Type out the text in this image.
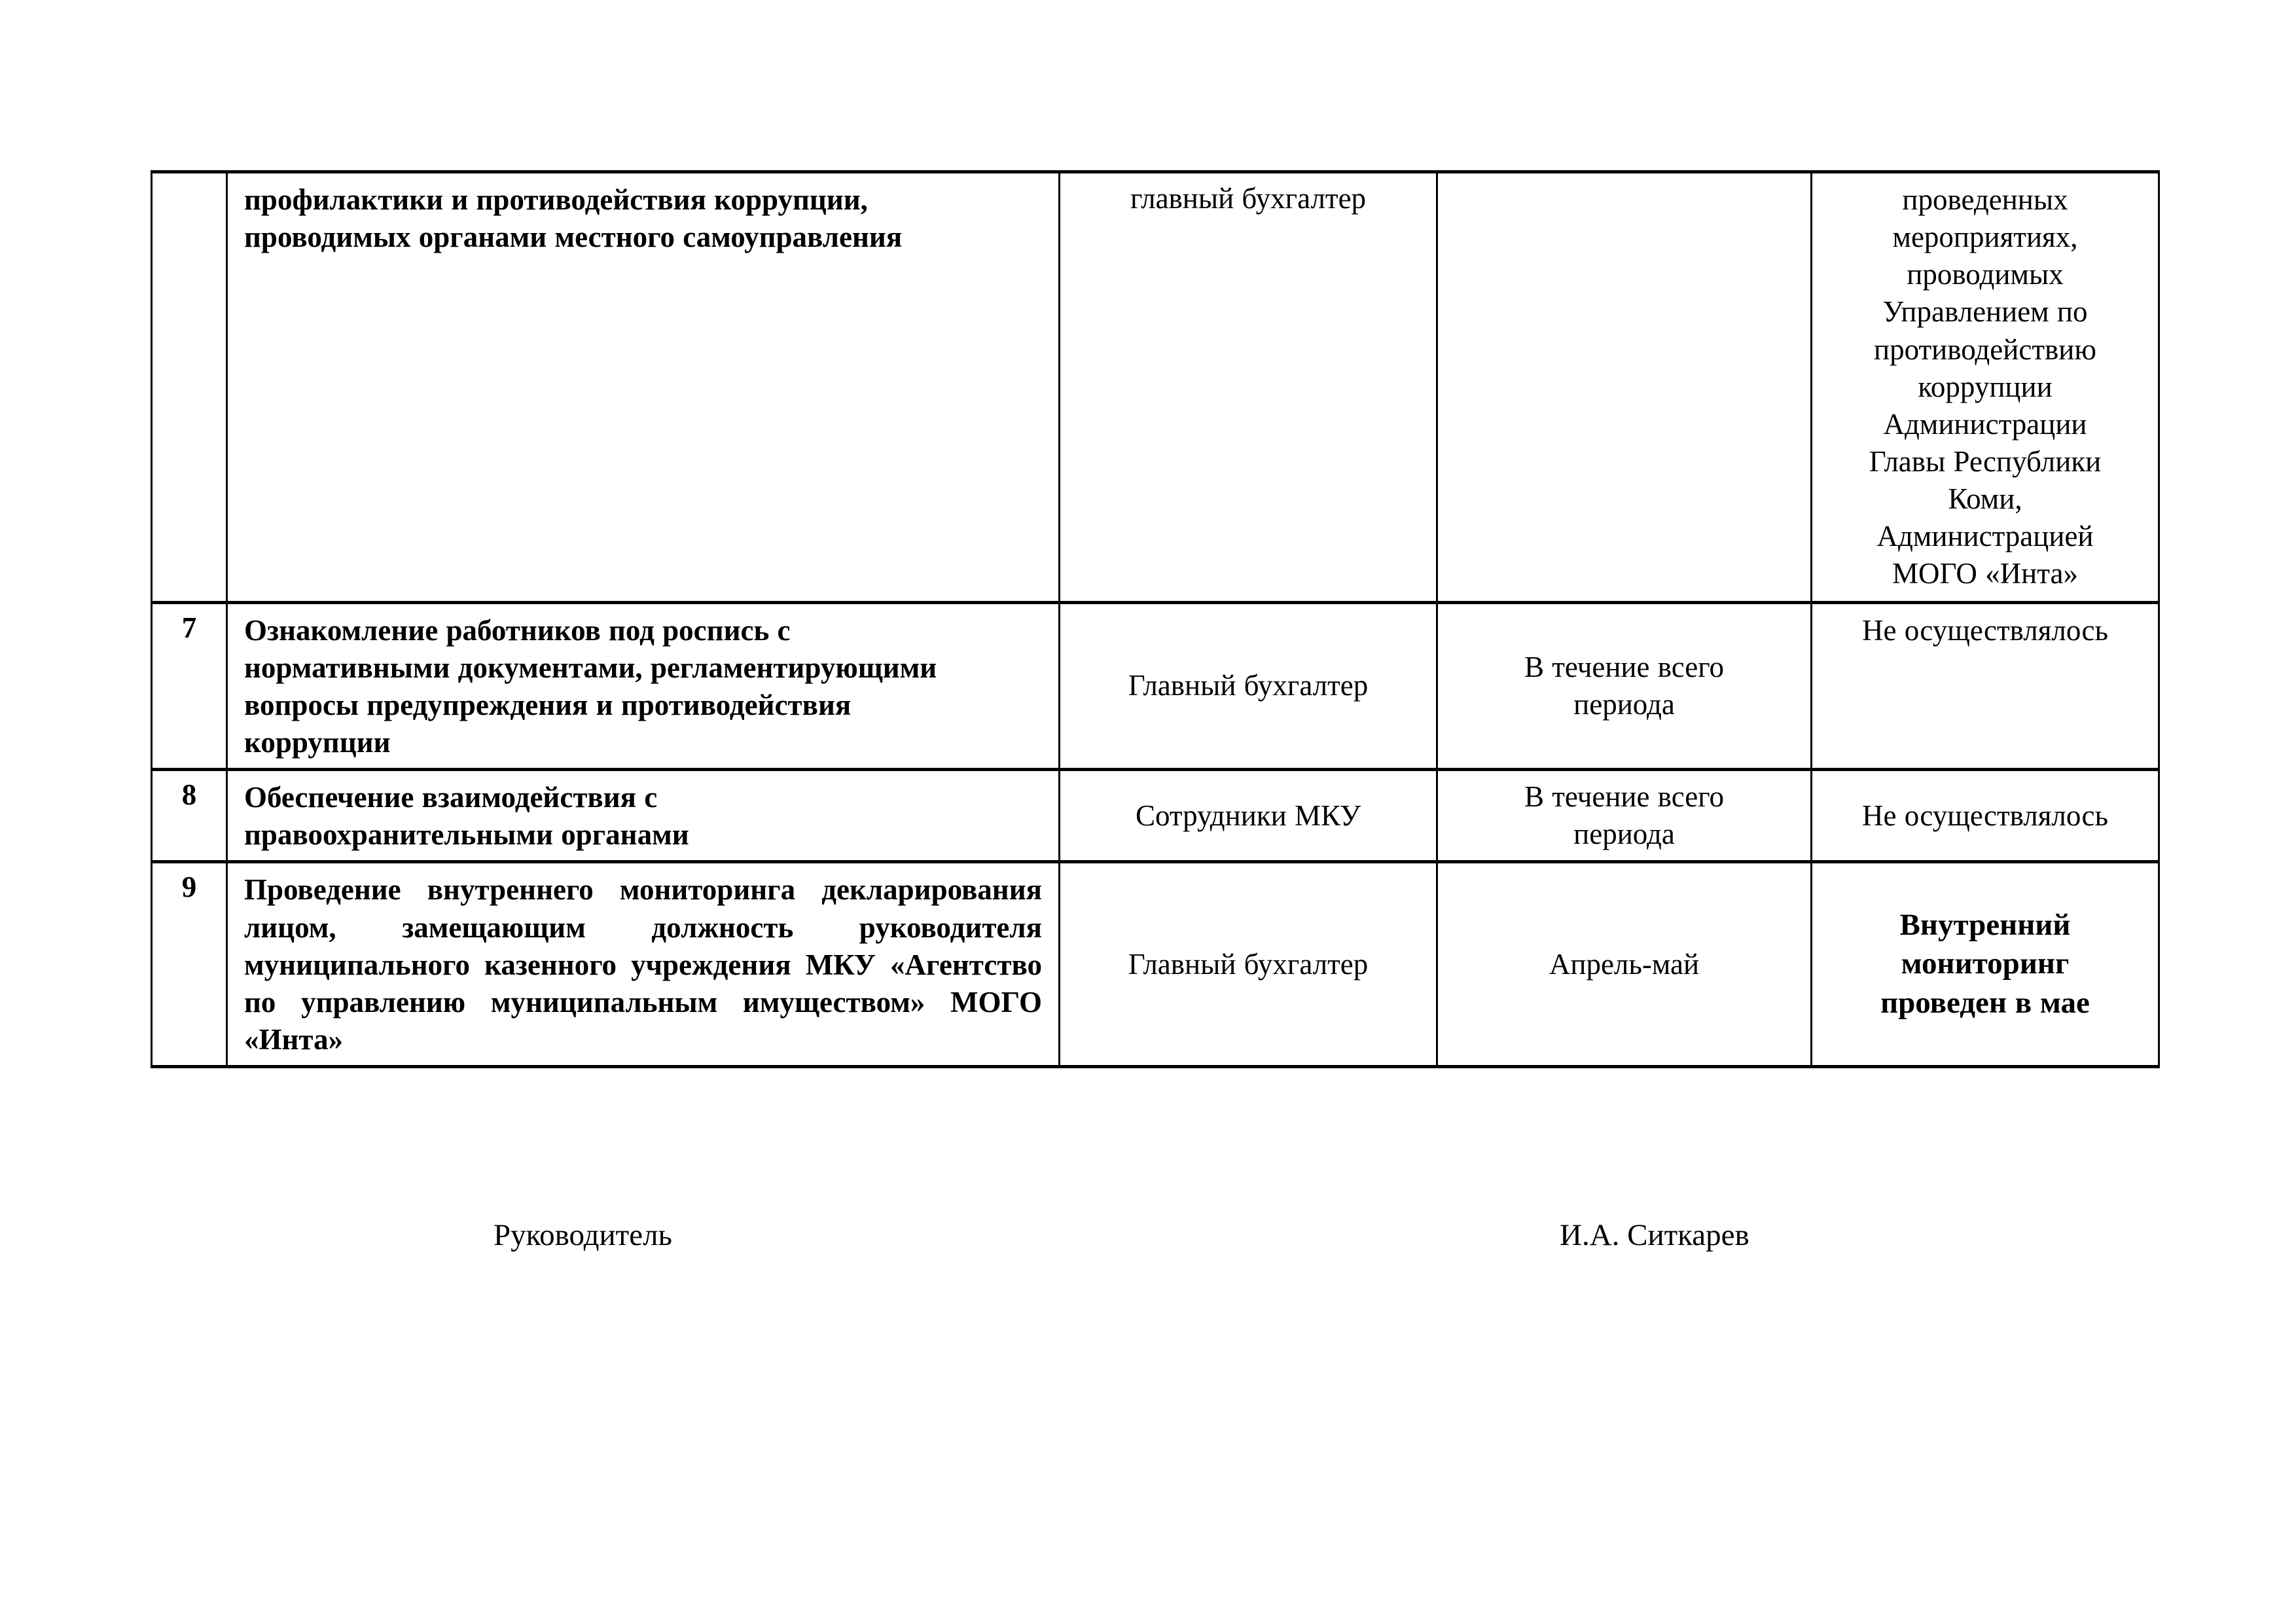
	профилактики и противодействия коррупции, проводимых органами местного самоуправления	главный бухгалтер		проведенных мероприятиях, проводимых Управлением по противодействию коррупции Администрации Главы Республики Коми, Администрацией МОГО «Инта»
7	Ознакомление работников под роспись с нормативными документами, регламентирующими вопросы предупреждения и противодействия коррупции	Главный бухгалтер	В течение всего периода	Не осуществлялось
8	Обеспечение взаимодействия с правоохранительными органами	Сотрудники МКУ	В течение всего периода	Не осуществлялось
9	Проведение внутреннего мониторинга декларирования лицом, замещающим должность руководителя муниципального казенного учреждения МКУ «Агентство по управлению муниципальным имуществом» МОГО «Инта»	Главный бухгалтер	Апрель-май	Внутренний мониторинг проведен в мае
Руководитель	И.А. Ситкарев
